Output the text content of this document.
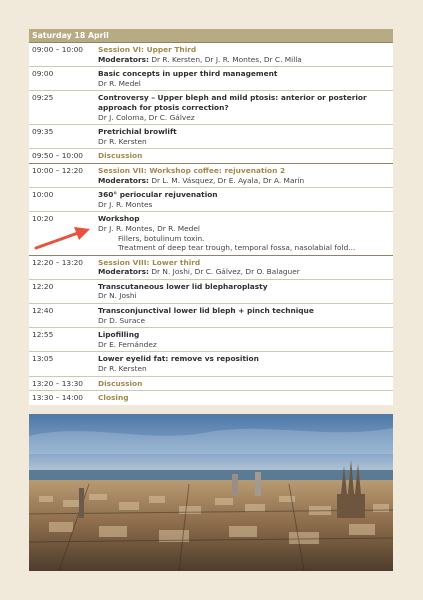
Saturday 18 April
09:00 – 10:00	Session VI: Upper Third
Moderators: Dr R. Kersten, Dr J. R. Montes, Dr C. Milla

09:00	Basic concepts in upper third management
Dr R. Medel

09:25	Controversy – Upper bleph and mild ptosis: anterior or posterior approach for ptosis correction?
Dr J. Coloma, Dr C. Gálvez

09:35	Pretrichial browlift
Dr R. Kersten

09:50 – 10:00	Discussion

10:00 – 12:20	Session VII: Workshop coffee: rejuvenation 2
Moderators: Dr L. M. Vásquez, Dr E. Ayala, Dr A. Marín

10:00	360° periocular rejuvenation
Dr J. R. Montes

10:20	Workshop
Dr J. R. Montes, Dr R. Medel
Fillers, botulinum toxin.
Treatment of deep tear trough, temporal fossa, nasolabial fold...

12:20 – 13:20	Session VIII: Lower third
Moderators: Dr N. Joshi, Dr C. Gálvez, Dr O. Balaguer

12:20	Transcutaneous lower lid blepharoplasty
Dr N. Joshi

12:40	Transconjunctival lower lid bleph + pinch technique
Dr D. Surace

12:55	Lipofilling
Dr E. Fernández

13:05	Lower eyelid fat: remove vs reposition
Dr R. Kersten

13:20 – 13:30	Discussion

13:30 – 14:00	Closing
